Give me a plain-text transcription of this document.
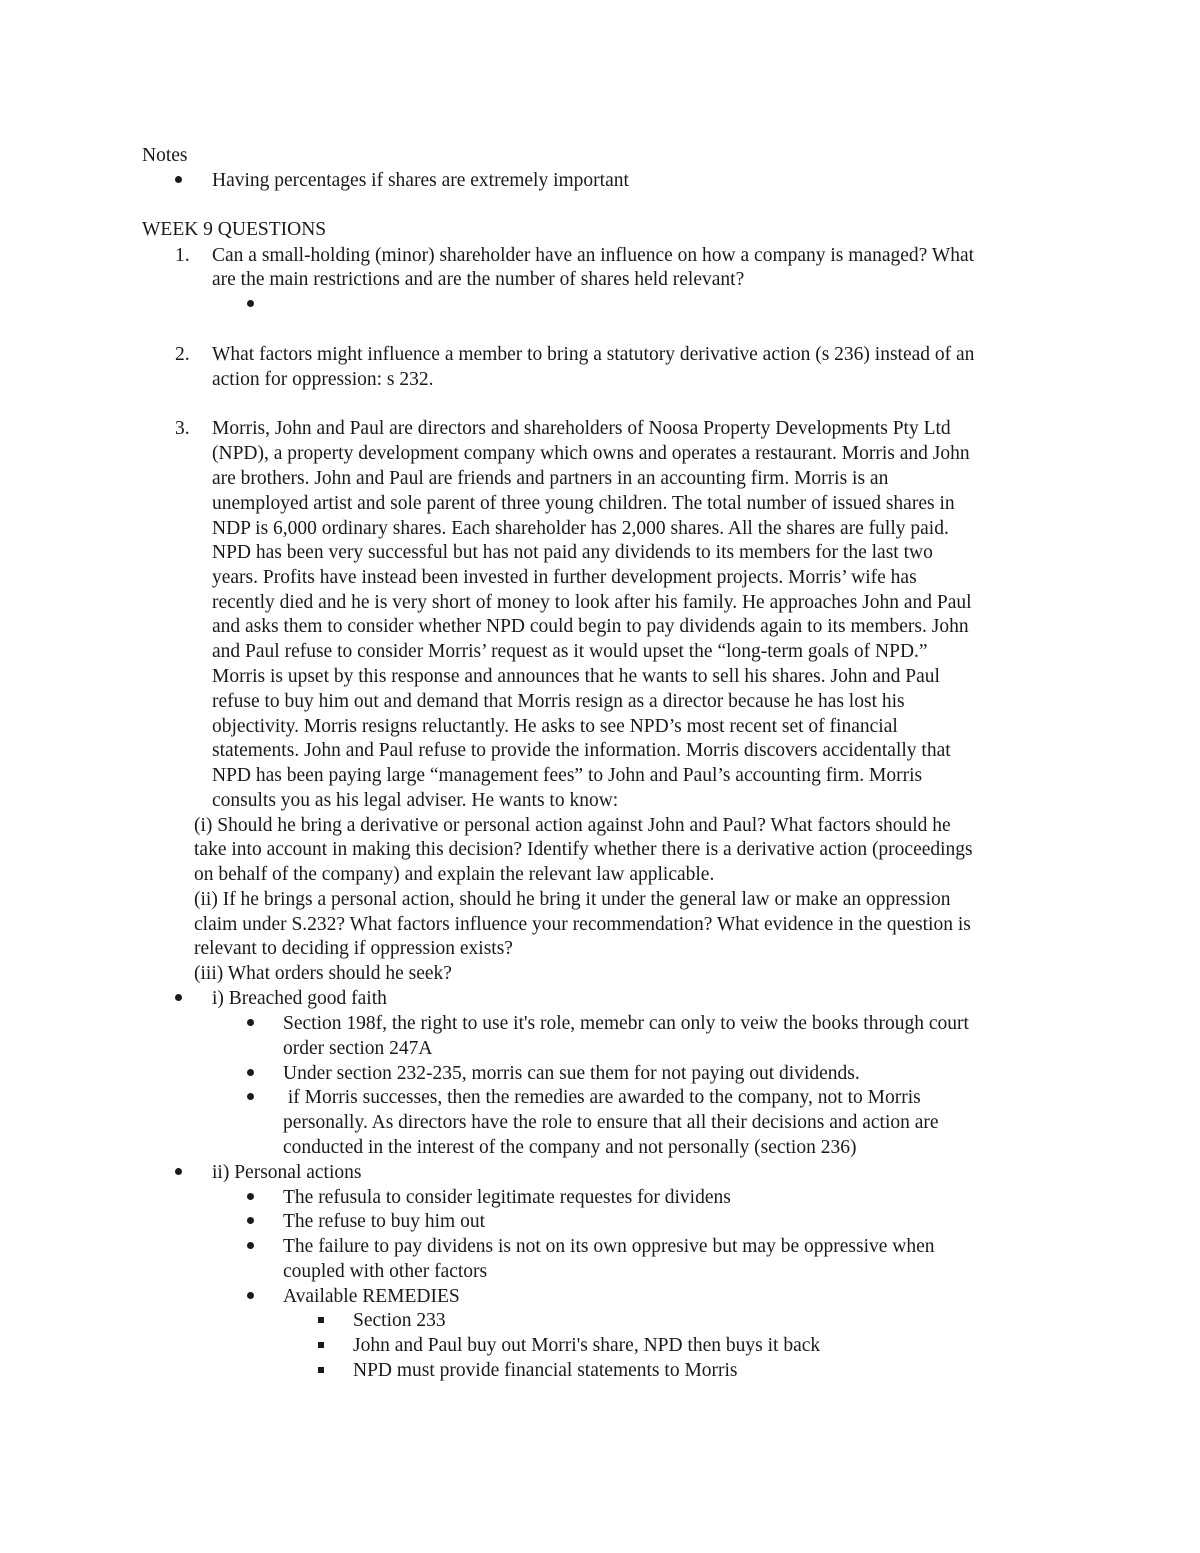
Notes
Having percentages if shares are extremely important
WEEK 9 QUESTIONS
1. Can a small-holding (minor) shareholder have an influence on how a company is managed? What
are the main restrictions and are the number of shares held relevant?
2. What factors might influence a member to bring a statutory derivative action (s 236) instead of an
action for oppression: s 232.
3. Morris, John and Paul are directors and shareholders of Noosa Property Developments Pty Ltd
(NPD), a property development company which owns and operates a restaurant. Morris and John
are brothers. John and Paul are friends and partners in an accounting firm. Morris is an
unemployed artist and sole parent of three young children. The total number of issued shares in
NDP is 6,000 ordinary shares. Each shareholder has 2,000 shares. All the shares are fully paid.
NPD has been very successful but has not paid any dividends to its members for the last two
years. Profits have instead been invested in further development projects. Morris’ wife has
recently died and he is very short of money to look after his family. He approaches John and Paul
and asks them to consider whether NPD could begin to pay dividends again to its members. John
and Paul refuse to consider Morris’ request as it would upset the “long-term goals of NPD.”
Morris is upset by this response and announces that he wants to sell his shares. John and Paul
refuse to buy him out and demand that Morris resign as a director because he has lost his
objectivity. Morris resigns reluctantly. He asks to see NPD’s most recent set of financial
statements. John and Paul refuse to provide the information. Morris discovers accidentally that
NPD has been paying large “management fees” to John and Paul’s accounting firm. Morris
consults you as his legal adviser. He wants to know:
(i) Should he bring a derivative or personal action against John and Paul? What factors should he
take into account in making this decision? Identify whether there is a derivative action (proceedings
on behalf of the company) and explain the relevant law applicable.
(ii) If he brings a personal action, should he bring it under the general law or make an oppression
claim under S.232? What factors influence your recommendation? What evidence in the question is
relevant to deciding if oppression exists?
(iii) What orders should he seek?
i) Breached good faith
Section 198f, the right to use it's role, memebr can only to veiw the books through court
order section 247A
Under section 232-235, morris can sue them for not paying out dividends.
if Morris successes, then the remedies are awarded to the company, not to Morris
personally. As directors have the role to ensure that all their decisions and action are
conducted in the interest of the company and not personally (section 236)
ii) Personal actions
The refusula to consider legitimate requestes for dividens
The refuse to buy him out
The failure to pay dividens is not on its own oppresive but may be oppressive when
coupled with other factors
Available REMEDIES
Section 233
John and Paul buy out Morri's share, NPD then buys it back
NPD must provide financial statements to Morris
